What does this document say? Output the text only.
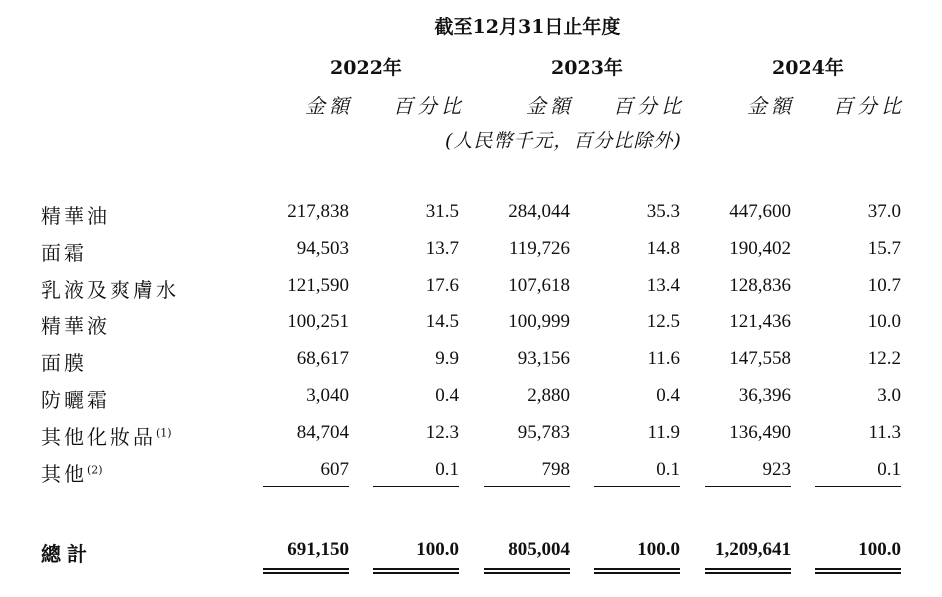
截至12月31日止年度
2022年	2023年	2024年
金額 百分比	金額 百分比	金額 百分比
(人民幣千元，百分比除外)
精華油	217,838	31.5	284,044	35.3	447,600	37.0
面霜	94,503	13.7	119,726	14.8	190,402	15.7
乳液及爽膚水	121,590	17.6	107,618	13.4	128,836	10.7
精華液	100,251	14.5	100,999	12.5	121,436	10.0
面膜	68,617	9.9	93,156	11.6	147,558	12.2
防曬霜	3,040	0.4	2,880	0.4	36,396	3.0
其他化妝品$^{(1)}$	84,704	12.3	95,783	11.9	136,490	11.3
其他$^{(2)}$	607	0.1	798	0.1	923	0.1
總計	691,150	100.0	805,004	100.0 1,209,641	100.0
